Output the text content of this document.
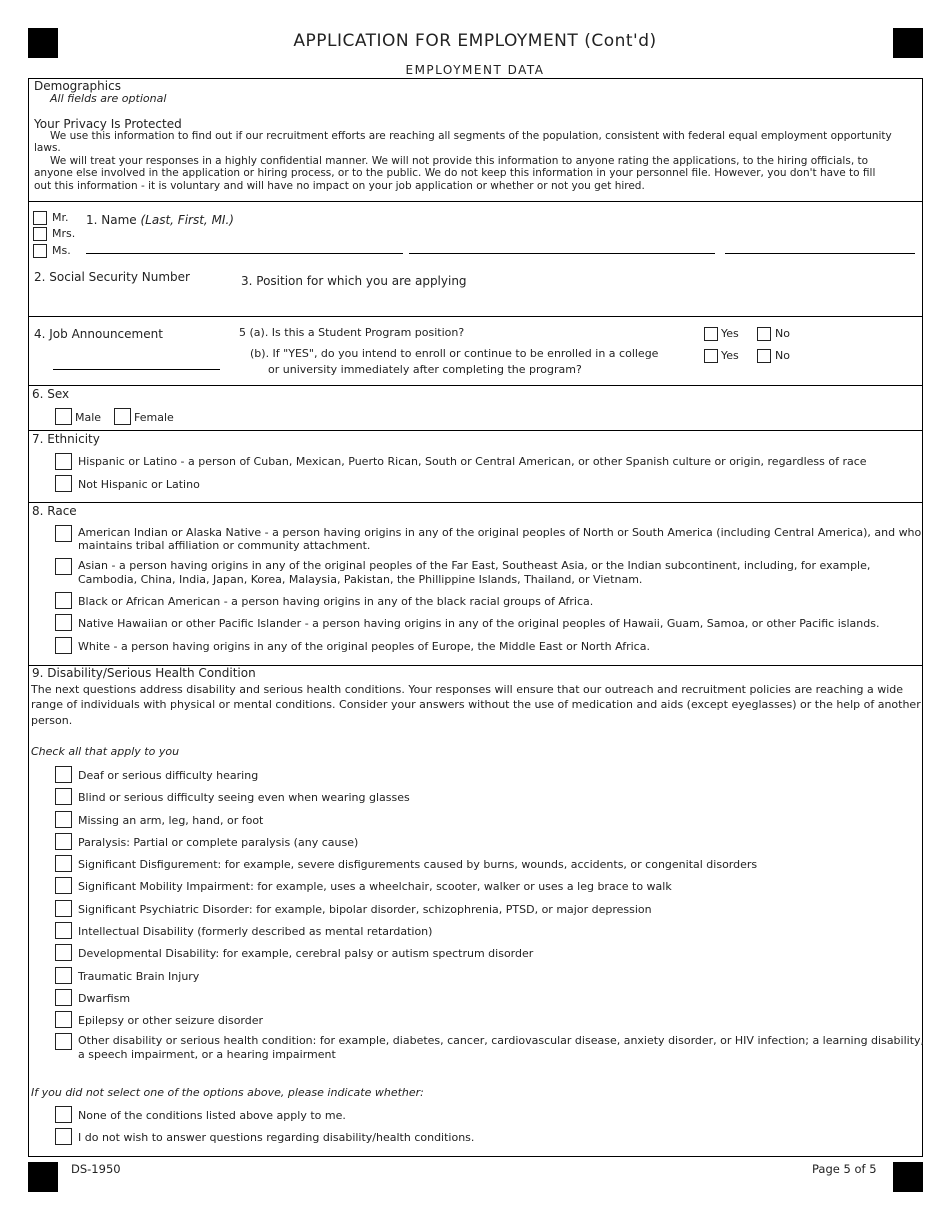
APPLICATION FOR EMPLOYMENT (Cont'd)
EMPLOYMENT DATA
Demographics
All fields are optional
Your Privacy Is Protected
We use this information to find out if our recruitment efforts are reaching all segments of the population, consistent with federal equal employment opportunity
laws.
We will treat your responses in a highly confidential manner. We will not provide this information to anyone rating the applications, to the hiring officials, to
anyone else involved in the application or hiring process, or to the public. We do not keep this information in your personnel file. However, you don't have to fill
out this information - it is voluntary and will have no impact on your job application or whether or not you get hired.
Mr.
Mrs.
Ms.
1. Name (Last, First, MI.)
2. Social Security Number	3. Position for which you are applying
4. Job Announcement	5 (a). Is this a Student Program position?
(b). If "YES", do you intend to enroll or continue to be enrolled in a college
or university immediately after completing the program?
Yes	No
Yes	No
6. Sex
Male	Female
7. Ethnicity
Hispanic or Latino - a person of Cuban, Mexican, Puerto Rican, South or Central American, or other Spanish culture or origin, regardless of race
Not Hispanic or Latino
8. Race
American Indian or Alaska Native - a person having origins in any of the original peoples of North or South America (including Central America), and who
maintains tribal affiliation or community attachment.
Asian - a person having origins in any of the original peoples of the Far East, Southeast Asia, or the Indian subcontinent, including, for example,
Cambodia, China, India, Japan, Korea, Malaysia, Pakistan, the Phillippine Islands, Thailand, or Vietnam.
Black or African American - a person having origins in any of the black racial groups of Africa.
Native Hawaiian or other Pacific Islander - a person having origins in any of the original peoples of Hawaii, Guam, Samoa, or other Pacific islands.
White - a person having origins in any of the original peoples of Europe, the Middle East or North Africa.
9. Disability/Serious Health Condition
The next questions address disability and serious health conditions. Your responses will ensure that our outreach and recruitment policies are reaching a wide
range of individuals with physical or mental conditions. Consider your answers without the use of medication and aids (except eyeglasses) or the help of another
person.
Check all that apply to you
Deaf or serious difficulty hearing
Blind or serious difficulty seeing even when wearing glasses
Missing an arm, leg, hand, or foot
Paralysis: Partial or complete paralysis (any cause)
Significant Disfigurement: for example, severe disfigurements caused by burns, wounds, accidents, or congenital disorders
Significant Mobility Impairment: for example, uses a wheelchair, scooter, walker or uses a leg brace to walk
Significant Psychiatric Disorder: for example, bipolar disorder, schizophrenia, PTSD, or major depression
Intellectual Disability (formerly described as mental retardation)
Developmental Disability: for example, cerebral palsy or autism spectrum disorder
Traumatic Brain Injury
Dwarfism
Epilepsy or other seizure disorder
Other disability or serious health condition: for example, diabetes, cancer, cardiovascular disease, anxiety disorder, or HIV infection; a learning disability,
a speech impairment, or a hearing impairment
If you did not select one of the options above, please indicate whether:
None of the conditions listed above apply to me.
I do not wish to answer questions regarding disability/health conditions.
DS-1950	Page 5 of 5
